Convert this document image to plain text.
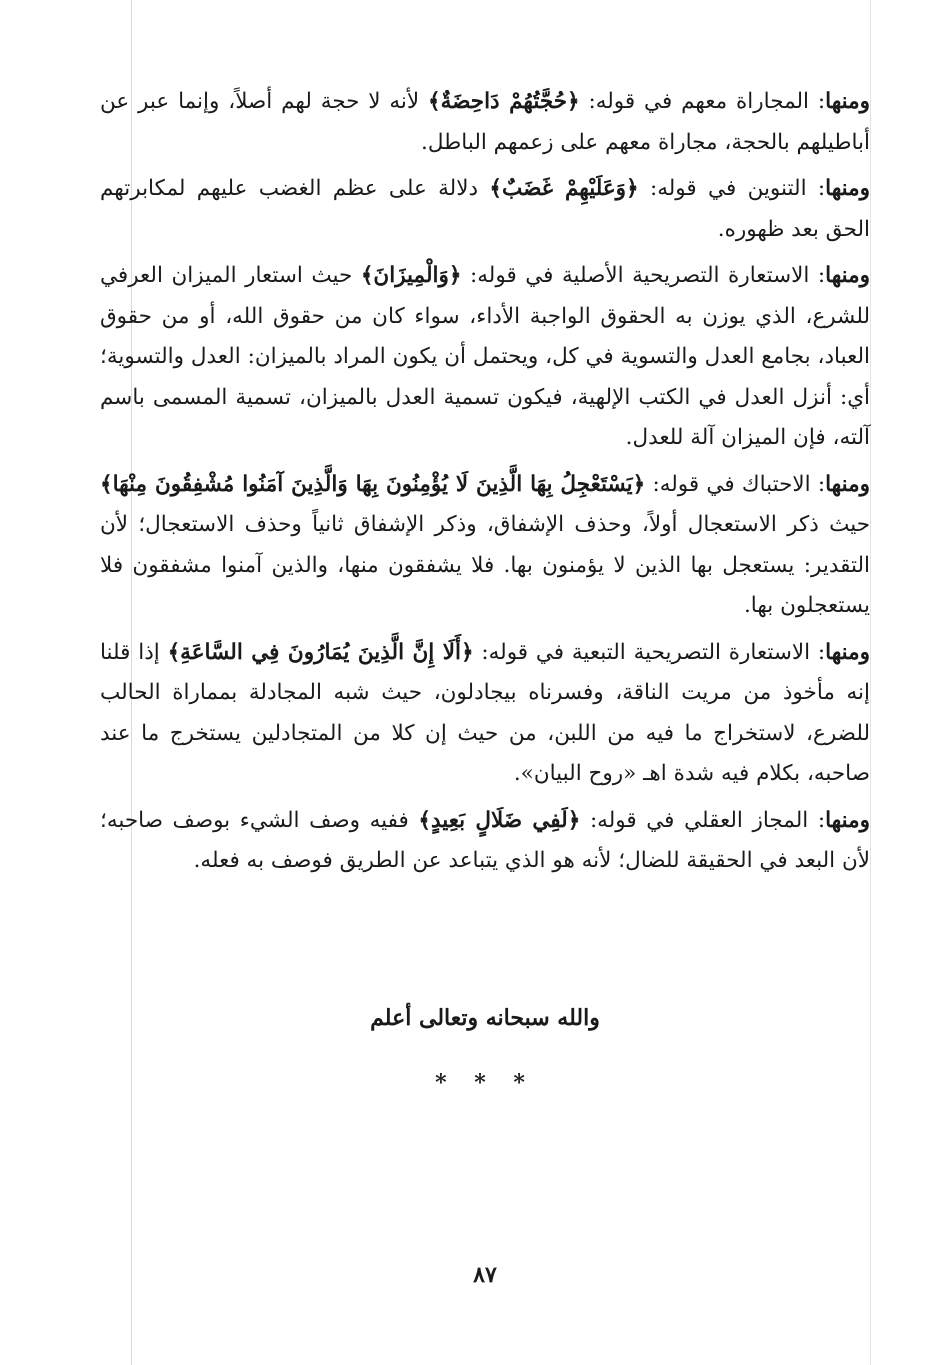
ومنها: المجاراة معهم في قوله: ﴿حُجَّتُهُمْ دَاحِضَةٌ﴾ لأنه لا حجة لهم أصلاً، وإنما عبر عن أباطيلهم بالحجة، مجاراة معهم على زعمهم الباطل.

ومنها: التنوين في قوله: ﴿وَعَلَيْهِمْ غَضَبٌ﴾ دلالة على عظم الغضب عليهم لمكابرتهم الحق بعد ظهوره.

ومنها: الاستعارة التصريحية الأصلية في قوله: ﴿وَالْمِيزَانَ﴾ حيث استعار الميزان العرفي للشرع، الذي يوزن به الحقوق الواجبة الأداء، سواء كان من حقوق الله، أو من حقوق العباد، بجامع العدل والتسوية في كل، ويحتمل أن يكون المراد بالميزان: العدل والتسوية؛ أي: أنزل العدل في الكتب الإلهية، فيكون تسمية العدل بالميزان، تسمية المسمى باسم آلته، فإن الميزان آلة للعدل.

ومنها: الاحتباك في قوله: ﴿يَسْتَعْجِلُ بِهَا الَّذِينَ لَا يُؤْمِنُونَ بِهَا وَالَّذِينَ آمَنُوا مُشْفِقُونَ مِنْهَا﴾ حيث ذكر الاستعجال أولاً، وحذف الإشفاق، وذكر الإشفاق ثانياً وحذف الاستعجال؛ لأن التقدير: يستعجل بها الذين لا يؤمنون بها. فلا يشفقون منها، والذين آمنوا مشفقون فلا يستعجلون بها.

ومنها: الاستعارة التصريحية التبعية في قوله: ﴿أَلَا إِنَّ الَّذِينَ يُمَارُونَ فِي السَّاعَةِ﴾ إذا قلنا إنه مأخوذ من مريت الناقة، وفسرناه بيجادلون، حيث شبه المجادلة بمماراة الحالب للضرع، لاستخراج ما فيه من اللبن، من حيث إن كلا من المتجادلين يستخرج ما عند صاحبه، بكلام فيه شدة اهـ «روح البيان».

ومنها: المجاز العقلي في قوله: ﴿لَفِي ضَلَالٍ بَعِيدٍ﴾ ففيه وصف الشيء بوصف صاحبه؛ لأن البعد في الحقيقة للضال؛ لأنه هو الذي يتباعد عن الطريق فوصف به فعله.

والله سبحانه وتعالى أعلم
* * *
٨٧
